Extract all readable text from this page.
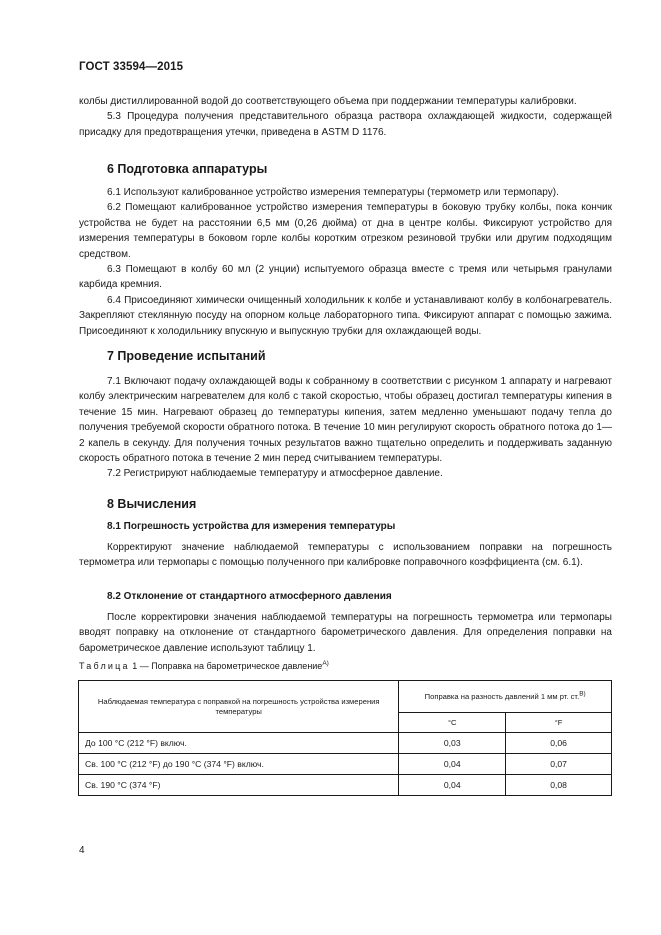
ГОСТ 33594—2015

колбы дистиллированной водой до соответствующего объема при поддержании температуры калибровки.

5.3 Процедура получения представительного образца раствора охлаждающей жидкости, содержащей присадку для предотвращения утечки, приведена в ASTM D 1176.

6 Подготовка аппаратуры

6.1 Используют калиброванное устройство измерения температуры (термометр или термопару).

6.2 Помещают калиброванное устройство измерения температуры в боковую трубку колбы, пока кончик устройства не будет на расстоянии 6,5 мм (0,26 дюйма) от дна в центре колбы. Фиксируют устройство для измерения температуры в боковом горле колбы коротким отрезком резиновой трубки или другим подходящим средством.

6.3 Помещают в колбу 60 мл (2 унции) испытуемого образца вместе с тремя или четырьмя гранулами карбида кремния.

6.4 Присоединяют химически очищенный холодильник к колбе и устанавливают колбу в колбонагреватель. Закрепляют стеклянную посуду на опорном кольце лабораторного типа. Фиксируют аппарат с помощью зажима. Присоединяют к холодильнику впускную и выпускную трубки для охлаждающей воды.

7 Проведение испытаний

7.1 Включают подачу охлаждающей воды к собранному в соответствии с рисунком 1 аппарату и нагревают колбу электрическим нагревателем для колб с такой скоростью, чтобы образец достигал температуры кипения в течение 15 мин. Нагревают образец до температуры кипения, затем медленно уменьшают подачу тепла до получения требуемой скорости обратного потока. В течение 10 мин регулируют скорость обратного потока до 1—2 капель в секунду. Для получения точных результатов важно тщательно определить и поддерживать заданную скорость обратного потока в течение 2 мин перед считыванием температуры.

7.2 Регистрируют наблюдаемые температуру и атмосферное давление.

8 Вычисления
8.1 Погрешность устройства для измерения температуры

Корректируют значение наблюдаемой температуры с использованием поправки на погрешность термометра или термопары с помощью полученного при калибровке поправочного коэффициента (см. 6.1).

8.2 Отклонение от стандартного атмосферного давления

После корректировки значения наблюдаемой температуры на погрешность термометра или термопары вводят поправку на отклонение от стандартного барометрического давления. Для определения поправки на барометрическое давление используют таблицу 1.

Таблица 1 — Поправка на барометрическое давление$^{A)}$
Наблюдаемая температура с поправкой на погрешность устройства измерения температуры	Поправка на разность давлений 1 мм рт. ст.$^{B)}$
	°C	°F
До 100 °C (212 °F) включ.	0,03	0,06
Св. 100 °C (212 °F) до 190 °C (374 °F) включ.	0,04	0,07
Св. 190 °C (374 °F)	0,04	0,08
4
